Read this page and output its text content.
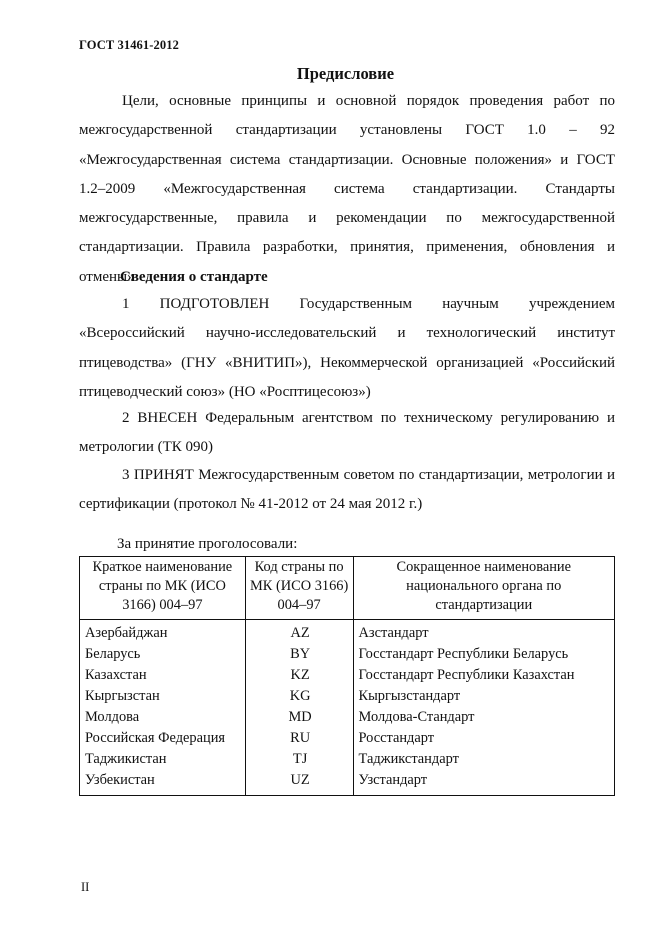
ГОСТ 31461-2012
Предисловие
Цели, основные принципы и основной порядок проведения работ по межгосударственной стандартизации установлены ГОСТ 1.0 – 92 «Межгосударственная система стандартизации. Основные положения» и ГОСТ 1.2–2009 «Межгосударственная система стандартизации. Стандарты межгосударственные, правила и рекомендации по межгосударственной стандартизации. Правила разработки, принятия, применения, обновления и отмены»
Сведения о стандарте
1 ПОДГОТОВЛЕН Государственным научным учреждением «Всероссийский научно-исследовательский и технологический институт птицеводства» (ГНУ «ВНИТИП»), Некоммерческой организацией «Российский птицеводческий союз» (НО «Росптицесоюз»)
2 ВНЕСЕН Федеральным агентством по техническому регулированию и метрологии (ТК 090)
3 ПРИНЯТ Межгосударственным советом по стандартизации, метрологии и сертификации (протокол № 41-2012 от 24 мая 2012 г.)
За принятие проголосовали:
Краткое наименование страны по МК (ИСО 3166) 004–97	Код страны по МК (ИСО 3166) 004–97	Сокращенное наименование национального органа по стандартизации
Азербайджан	AZ	Азстандарт
Беларусь	BY	Госстандарт Республики Беларусь
Казахстан	KZ	Госстандарт Республики Казахстан
Кыргызстан	KG	Кыргызстандарт
Молдова	MD	Молдова-Стандарт
Российская Федерация	RU	Росстандарт
Таджикистан	TJ	Таджикстандарт
Узбекистан	UZ	Узстандарт
II
